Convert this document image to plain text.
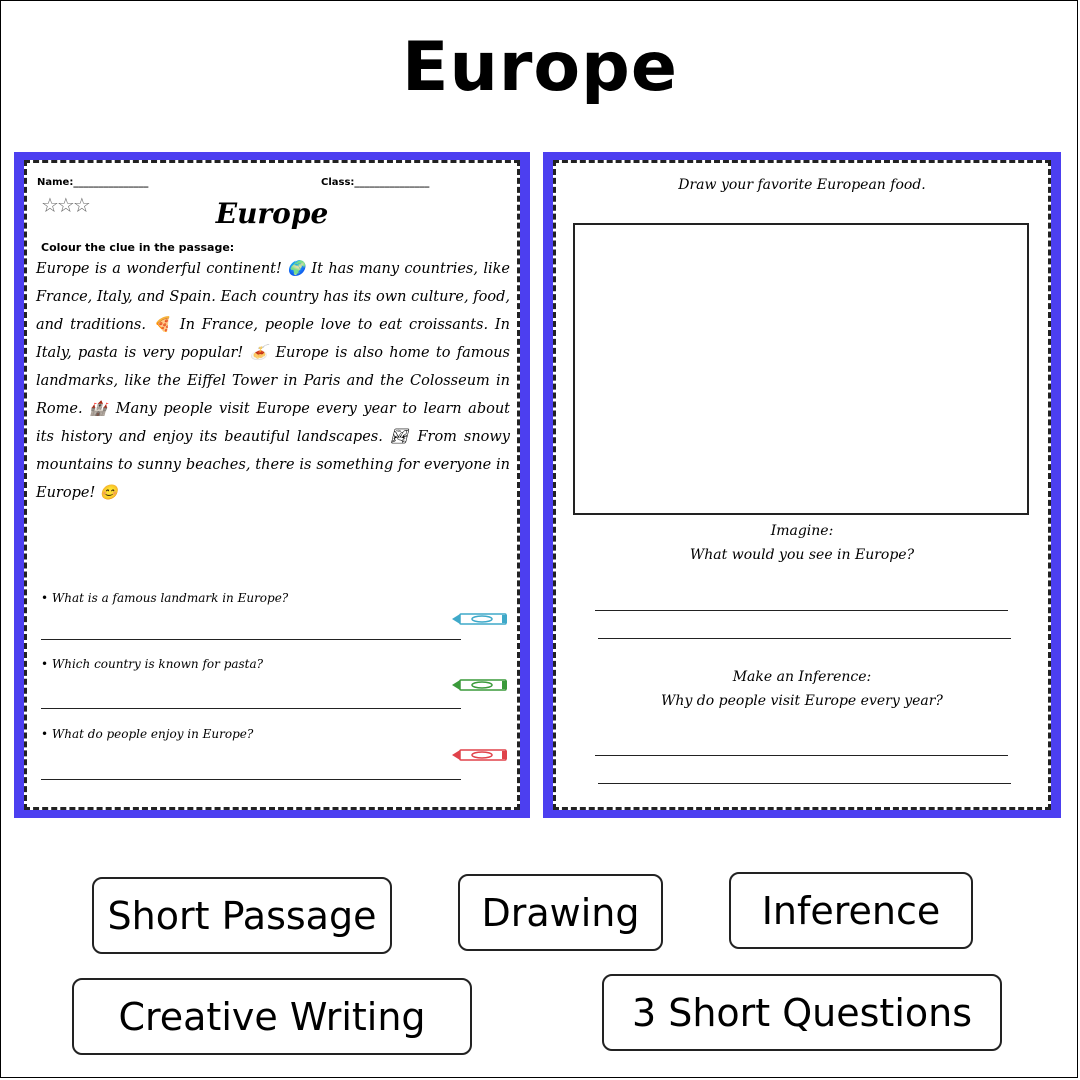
Europe
Name:_______________	Class:_______________
☆☆☆	Europe
Colour the clue in the passage:
Europe is a wonderful continent! 🌍 It has many countries, like France, Italy, and Spain. Each country has its own culture, food, and traditions. 🍕 In France, people love to eat croissants. In Italy, pasta is very popular! 🍝 Europe is also home to famous landmarks, like the Eiffel Tower in Paris and the Colosseum in Rome. 🏰 Many people visit Europe every year to learn about its history and enjoy its beautiful landscapes. 🏞 From snowy mountains to sunny beaches, there is something for everyone in Europe! 😊
• What is a famous landmark in Europe?
• Which country is known for pasta?
• What do people enjoy in Europe?
Draw your favorite European food.
Imagine:
What would you see in Europe?
Make an Inference:
Why do people visit Europe every year?
Short Passage	Drawing	Inference
Creative Writing	3 Short Questions
